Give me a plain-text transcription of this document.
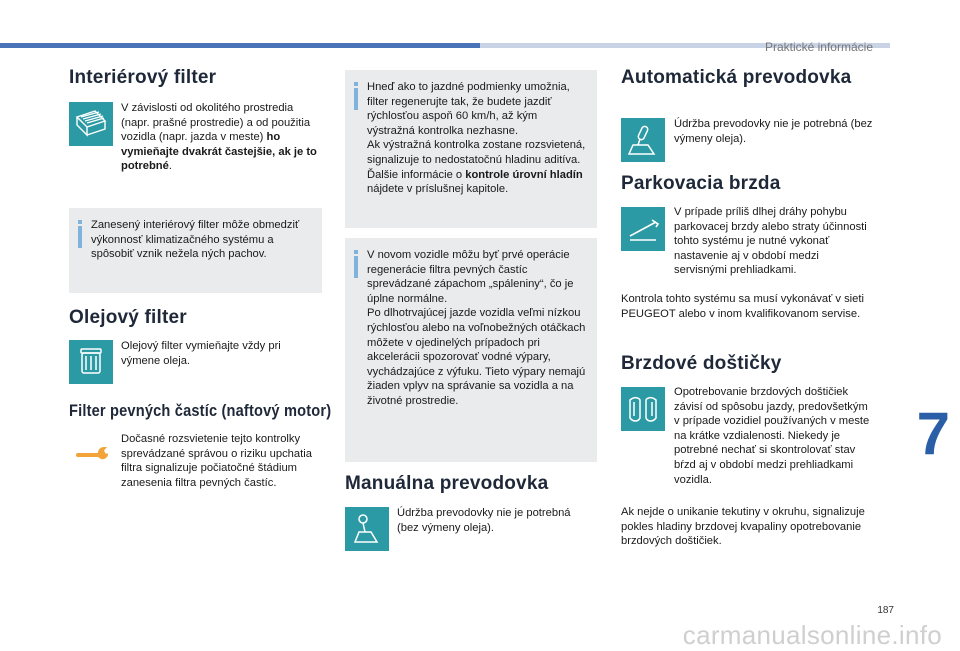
Praktické informácie
Interiérový filter
V závislosti od okolitého prostredia (napr. prašné prostredie) a od použitia vozidla (napr. jazda v meste) ho vymieňajte dvakrát častejšie, ak je to potrebné.
Zanesený interiérový filter môže obmedziť výkonnosť klimatizačného systému a spôsobiť vznik nežela ných pachov.
Olejový filter
Olejový filter vymieňajte vždy pri výmene oleja.
Filter pevných častíc (naftový motor)
Dočasné rozsvietenie tejto kontrolky sprevádzané správou o riziku upchatia filtra signalizuje počiatočné štádium zanesenia filtra pevných častíc.
Hneď ako to jazdné podmienky umožnia, filter regenerujte tak, že budete jazdiť rýchlosťou aspoň 60 km/h, až kým výstražná kontrolka nezhasne.
Ak výstražná kontrolka zostane rozsvietená, signalizuje to nedostatočnú hladinu aditíva.
Ďalšie informácie o kontrole úrovní hladín nájdete v príslušnej kapitole.
V novom vozidle môžu byť prvé operácie regenerácie filtra pevných častíc sprevádzané zápachom „spáleniny“, čo je úplne normálne.
Po dlhotrvajúcej jazde vozidla veľmi nízkou rýchlosťou alebo na voľnobežných otáčkach môžete v ojedinelých prípadoch pri akcelerácii spozorovať vodné výpary, vychádzajúce z výfuku. Tieto výpary nemajú žiaden vplyv na správanie sa vozidla a na životné prostredie.
Manuálna prevodovka
Údržba prevodovky nie je potrebná (bez výmeny oleja).
Automatická prevodovka
Údržba prevodovky nie je potrebná (bez výmeny oleja).
Parkovacia brzda
V prípade príliš dlhej dráhy pohybu parkovacej brzdy alebo straty účinnosti tohto systému je nutné vykonať nastavenie aj v období medzi servisnými prehliadkami.
Kontrola tohto systému sa musí vykonávať v sieti PEUGEOT alebo v inom kvalifikovanom servise.
Brzdové doštičky
Opotrebovanie brzdových doštičiek závisí od spôsobu jazdy, predovšetkým v prípade vozidiel používaných v meste na krátke vzdialenosti. Niekedy je potrebné nechať si skontrolovať stav bŕzd aj v období medzi prehliadkami vozidla.
Ak nejde o unikanie tekutiny v okruhu, signalizuje pokles hladiny brzdovej kvapaliny opotrebovanie brzdových doštičiek.
7
187
carmanualsonline.info
